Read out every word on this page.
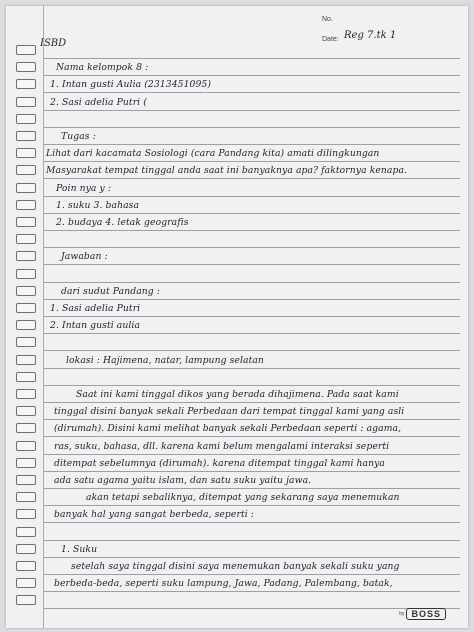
No.
Date: Reg 7.tk 1
ISBD
Nama kelompok 8 :
1. Intan gusti Aulia (2313451095)
2. Sasi adelia Putri (
Tugas :
Lihat dari kacamata Sosiologi (cara Pandang kita) amati dilingkungan
Masyarakat tempat tinggal anda saat ini banyaknya apa? faktornya kenapa.
Poin nya y :
1. suku 3. bahasa
2. budaya 4. letak geografis
Jawaban :
dari sudut Pandang :
1. Sasi adelia Putri
2. Intan gusti aulia
lokasi : Hajimena, natar, lampung selatan
Saat ini kami tinggal dikos yang berada dihajimena. Pada saat kami
tinggal disini banyak sekali Perbedaan dari tempat tinggal kami yang asli
(dirumah). Disini kami melihat banyak sekali Perbedaan seperti : agama,
ras, suku, bahasa, dll. karena kami belum mengalami interaksi seperti
ditempat sebelumnya (dirumah). karena ditempat tinggal kami hanya
ada satu agama yaitu islam, dan satu suku yaitu jawa.
akan tetapi sebaliknya, ditempat yang sekarang saya menemukan
banyak hal yang sangat berbeda, seperti :
1. Suku
setelah saya tinggal disini saya menemukan banyak sekali suku yang
berbeda-beda, seperti suku lampung, Jawa, Padang, Palembang, batak,
by BOSS
